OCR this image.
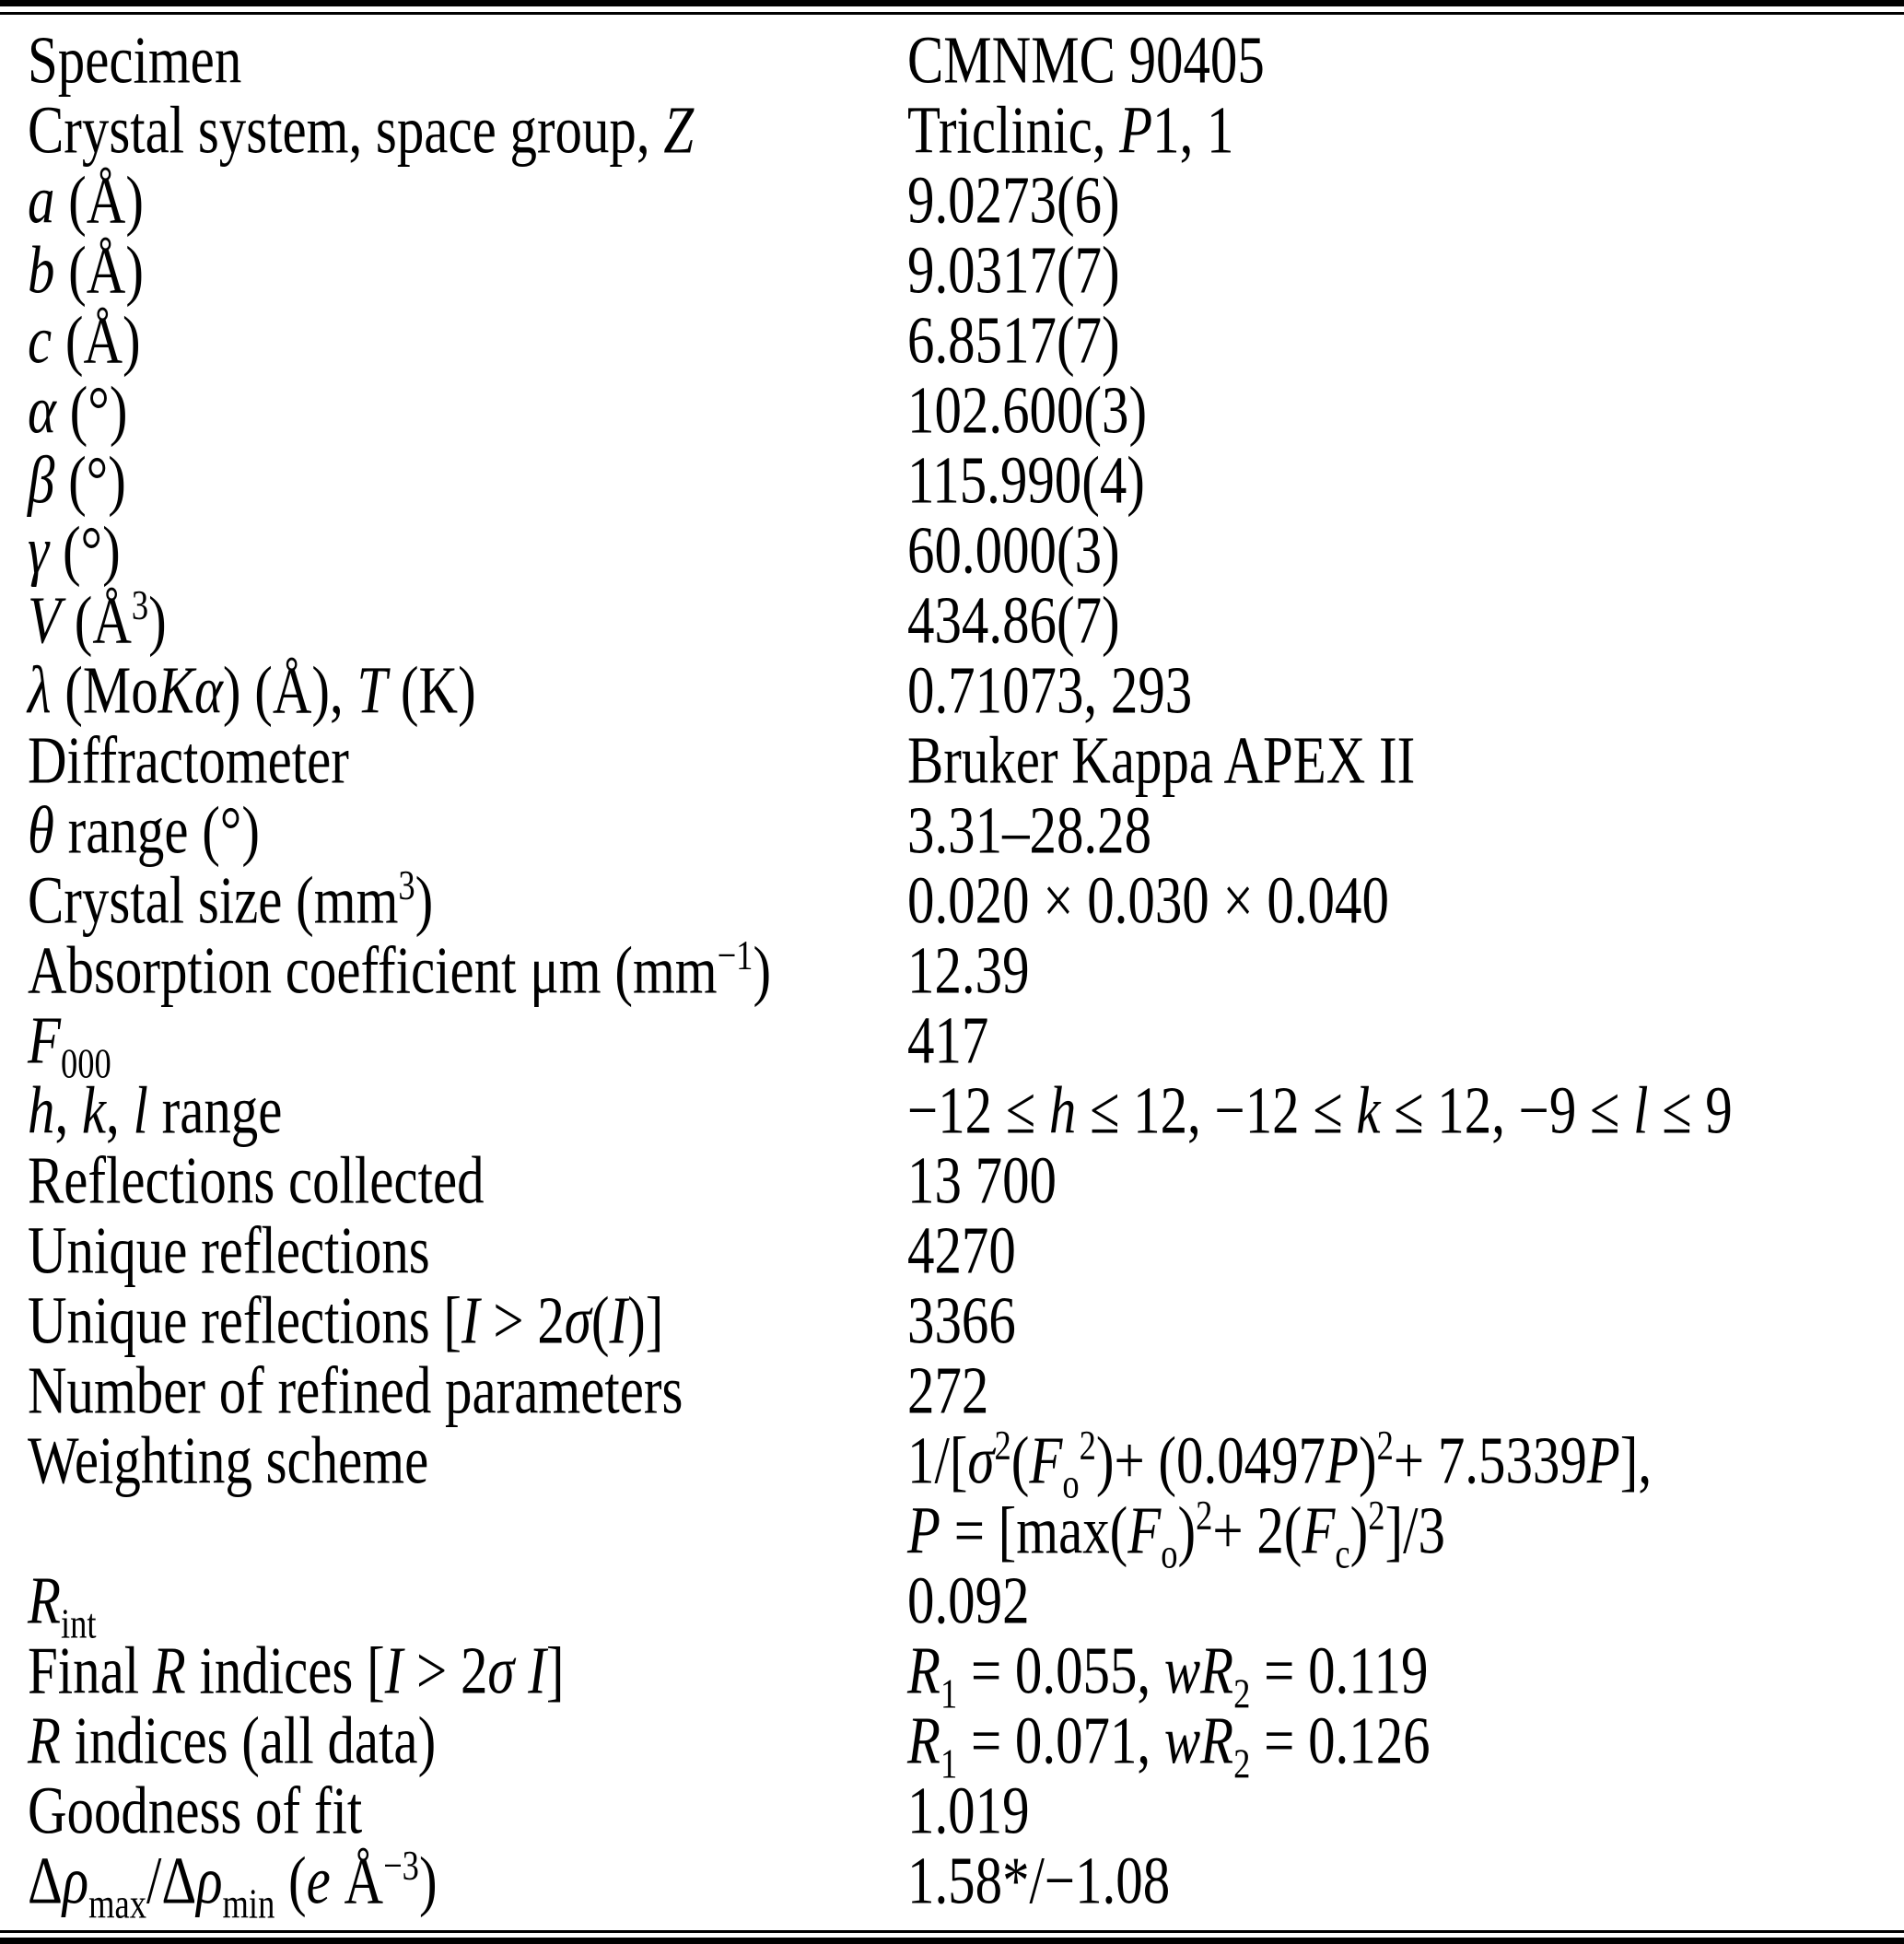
Specimen	CMNMC 90405
Crystal system, space group, Z	Triclinic, P1, 1
a (Å)	9.0273(6)
b (Å)	9.0317(7)
c (Å)	6.8517(7)
α (°)	102.600(3)
β (°)	115.990(4)
γ (°)	60.000(3)
V $(Å^3)$	434.86(7)
λ (MoKα) (Å), T (K)	0.71073, 293
Diffractometer	Bruker Kappa APEX II
θ range (°)	3.31–28.28
Crystal size $(mm^3)$	0.020 × 0.030 × 0.040
Absorption coefficient μm $(mm^{-1})$	12.39
$F_{000}$	417
h, k, l range	−12 ≤ h ≤ 12, −12 ≤ k ≤ 12, −9 ≤ l ≤ 9
Reflections collected	13 700
Unique reflections	4270
Unique reflections [I > 2σ(I)]	3366
Number of refined parameters	272
Weighting scheme	$1/[\sigma^2(F_o^2)+ (0.0497P)^2+ 7.5339P]$,
$P = [\max(F_o)^2+ 2(F_c)^2]/3$
$R_{int}$	0.092
Final R indices [I > 2σ I]	$R_1 = 0.055$, $wR_2 = 0.119$
R indices (all data)	$R_1 = 0.071$, $wR_2 = 0.126$
Goodness of fit	1.019
$\Delta\rho_{max}/\Delta\rho_{min}$ (e $Å^{-3}$)	1.58*/−1.08
